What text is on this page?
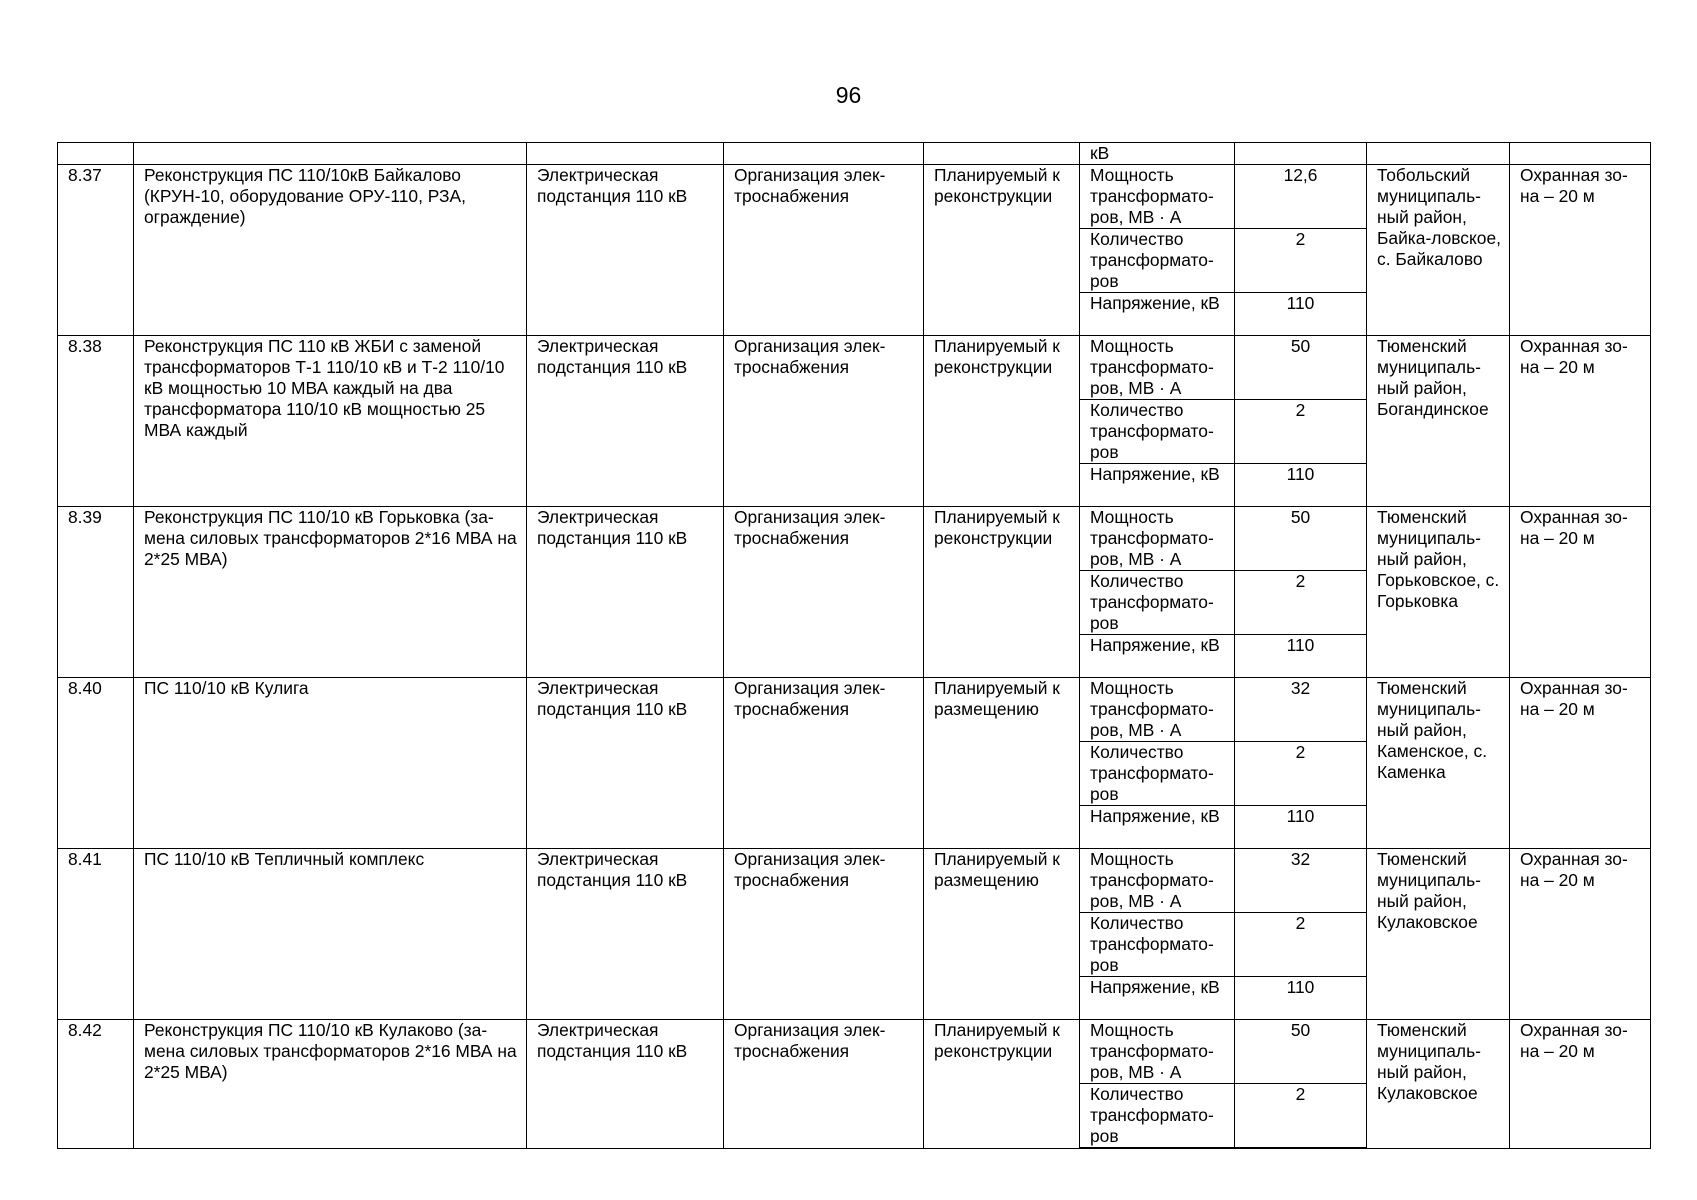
96
					кВ			
8.37	Реконструкция ПС 110/10кВ Байкалово (КРУН-10, оборудование ОРУ-110, РЗА, ограждение)	Электрическая подстанция 110 кВ	Организация элек-троснабжения	Планируемый к реконструкции	Мощность трансформато-ров, МВ · А	12,6	Тобольский муниципаль-ный район, Байка-ловское, с. Байкалово	Охранная зо-на – 20 м
					Количество трансформато-ров	2		
					Напряжение, кВ	110		
8.38	Реконструкция ПС 110 кВ ЖБИ с заменой трансформаторов Т-1 110/10 кВ и Т-2 110/10 кВ мощностью 10 МВА каждый на два трансформатора 110/10 кВ мощностью 25 МВА каждый	Электрическая подстанция 110 кВ	Организация элек-троснабжения	Планируемый к реконструкции	Мощность трансформато-ров, МВ · А	50	Тюменский муниципаль-ный район, Богандинское	Охранная зо-на – 20 м
					Количество трансформато-ров	2		
					Напряжение, кВ	110		
8.39	Реконструкция ПС 110/10 кВ Горьковка (за-мена силовых трансформаторов 2*16 МВА на 2*25 МВА)	Электрическая подстанция 110 кВ	Организация элек-троснабжения	Планируемый к реконструкции	Мощность трансформато-ров, МВ · А	50	Тюменский муниципаль-ный район, Горьковское, с. Горьковка	Охранная зо-на – 20 м
					Количество трансформато-ров	2		
					Напряжение, кВ	110		
8.40	ПС 110/10 кВ Кулига	Электрическая подстанция 110 кВ	Организация элек-троснабжения	Планируемый к размещению	Мощность трансформато-ров, МВ · А	32	Тюменский муниципаль-ный район, Каменское, с. Каменка	Охранная зо-на – 20 м
					Количество трансформато-ров	2		
					Напряжение, кВ	110		
8.41	ПС 110/10 кВ Тепличный комплекс	Электрическая подстанция 110 кВ	Организация элек-троснабжения	Планируемый к размещению	Мощность трансформато-ров, МВ · А	32	Тюменский муниципаль-ный район, Кулаковское	Охранная зо-на – 20 м
					Количество трансформато-ров	2		
					Напряжение, кВ	110		
8.42	Реконструкция ПС 110/10 кВ Кулаково (за-мена силовых трансформаторов 2*16 МВА на 2*25 МВА)	Электрическая подстанция 110 кВ	Организация элек-троснабжения	Планируемый к реконструкции	Мощность трансформато-ров, МВ · А	50	Тюменский муниципаль-ный район, Кулаковское	Охранная зо-на – 20 м
					Количество трансформато-ров	2		
